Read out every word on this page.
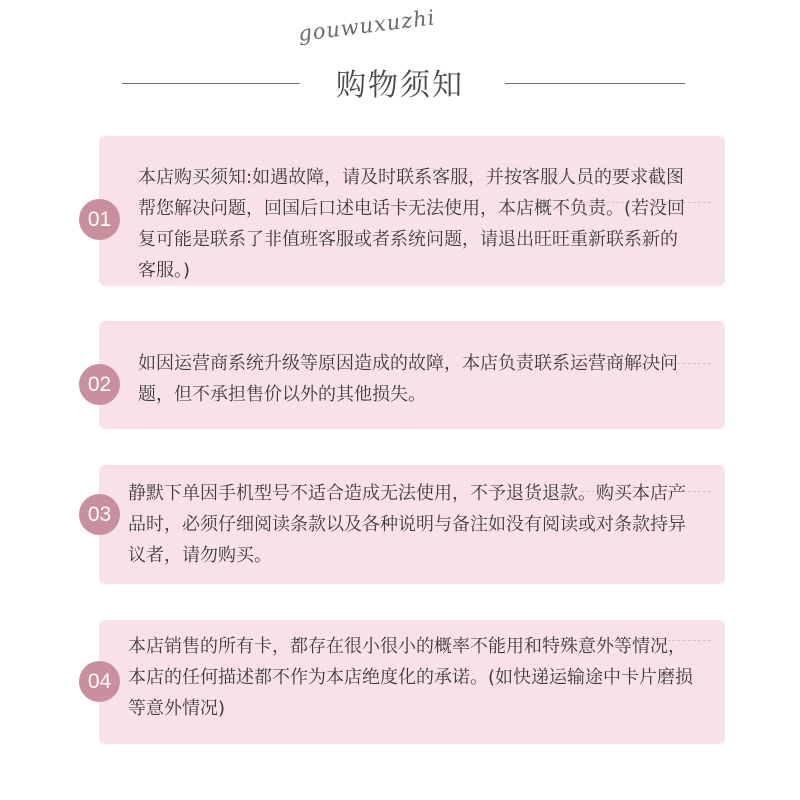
gouwuxuzhi
购物须知
01
本店购买须知:如遇故障，请及时联系客服，并按客服人员的要求截图帮您解决问题，回国后口述电话卡无法使用，本店概不负责。(若没回复可能是联系了非值班客服或者系统问题，请退出旺旺重新联系新的客服。)
02
如因运营商系统升级等原因造成的故障，本店负责联系运营商解决问题，但不承担售价以外的其他损失。
03
静默下单因手机型号不适合造成无法使用，不予退货退款。购买本店产品时，必须仔细阅读条款以及各种说明与备注如没有阅读或对条款持异议者，请勿购买。
04
本店销售的所有卡，都存在很小很小的概率不能用和特殊意外等情况，本店的任何描述都不作为本店绝度化的承诺。(如快递运输途中卡片磨损等意外情况)
